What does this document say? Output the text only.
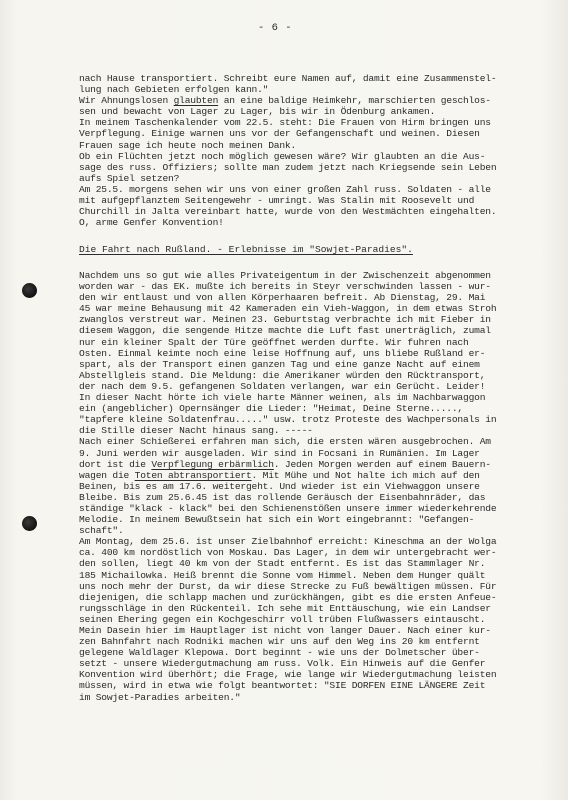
- 6 -
nach Hause transportiert. Schreibt eure Namen auf, damit eine Zusammenstel-
lung nach Gebieten erfolgen kann."
Wir Ahnungslosen glaubten an eine baldige Heimkehr, marschierten geschlos-
sen und bewacht von Lager zu Lager, bis wir in Ödenburg ankamen.
In meinem Taschenkalender vom 22.5. steht: Die Frauen von Hirm bringen uns
Verpflegung. Einige warnen uns vor der Gefangenschaft und weinen. Diesen
Frauen sage ich heute noch meinen Dank.
Ob ein Flüchten jetzt noch möglich gewesen wäre? Wir glaubten an die Aus-
sage des russ. Offiziers; sollte man zudem jetzt nach Kriegsende sein Leben
aufs Spiel setzen?
Am 25.5. morgens sehen wir uns von einer großen Zahl russ. Soldaten - alle
mit aufgepflanztem Seitengewehr - umringt. Was Stalin mit Roosevelt und
Churchill in Jalta vereinbart hatte, wurde von den Westmächten eingehalten.
O, arme Genfer Konvention!
Die Fahrt nach Rußland. - Erlebnisse im "Sowjet-Paradies".
Nachdem uns so gut wie alles Privateigentum in der Zwischenzeit abgenommen
worden war - das EK. mußte ich bereits in Steyr verschwinden lassen - wur-
den wir entlaust und von allen Körperhaaren befreit. Ab Dienstag, 29. Mai
45 war meine Behausung mit 42 Kameraden ein Vieh-Waggon, in dem etwas Stroh
zwanglos verstreut war. Meinen 23. Geburtstag verbrachte ich mit Fieber in
diesem Waggon, die sengende Hitze machte die Luft fast unerträglich, zumal
nur ein kleiner Spalt der Türe geöffnet werden durfte. Wir fuhren nach
Osten. Einmal keimte noch eine leise Hoffnung auf, uns bliebe Rußland er-
spart, als der Transport einen ganzen Tag und eine ganze Nacht auf einem
Abstellgleis stand. Die Meldung: die Amerikaner würden den Rücktransport,
der nach dem 9.5. gefangenen Soldaten verlangen, war ein Gerücht. Leider!
In dieser Nacht hörte ich viele harte Männer weinen, als im Nachbarwaggon
ein (angeblicher) Opernsänger die Lieder: "Heimat, Deine Sterne.....,
"tapfere kleine Soldatenfrau....." usw. trotz Proteste des Wachpersonals in
die Stille dieser Nacht hinaus sang. -----
Nach einer Schießerei erfahren man sich, die ersten wären ausgebrochen. Am
9. Juni werden wir ausgeladen. Wir sind in Focsani in Rumänien. Im Lager
dort ist die Verpflegung erbärmlich. Jeden Morgen werden auf einem Bauern-
wagen die Toten abtransportiert. Mit Mühe und Not halte ich mich auf den
Beinen, bis es am 17.6. weitergeht. Und wieder ist ein Viehwaggon unsere
Bleibe. Bis zum 25.6.45 ist das rollende Geräusch der Eisenbahnräder, das
ständige "klack - klack" bei den Schienenstößen unsere immer wiederkehrende
Melodie. In meinem Bewußtsein hat sich ein Wort eingebrannt: "Gefangen-
schaft".
Am Montag, dem 25.6. ist unser Zielbahnhof erreicht: Kineschma an der Wolga
ca. 400 km nordöstlich von Moskau. Das Lager, in dem wir untergebracht wer-
den sollen, liegt 40 km von der Stadt entfernt. Es ist das Stammlager Nr.
185 Michailowka. Heiß brennt die Sonne vom Himmel. Neben dem Hunger quält
uns noch mehr der Durst, da wir diese Strecke zu Fuß bewältigen müssen. Für
diejenigen, die schlapp machen und zurückhängen, gibt es die ersten Anfeue-
rungsschläge in den Rückenteil. Ich sehe mit Enttäuschung, wie ein Landser
seinen Ehering gegen ein Kochgeschirr voll trüben Flußwassers eintauscht.
Mein Dasein hier im Hauptlager ist nicht von langer Dauer. Nach einer kur-
zen Bahnfahrt nach Rodniki machen wir uns auf den Weg ins 20 km entfernt
gelegene Waldlager Klepowa. Dort beginnt - wie uns der Dolmetscher über-
setzt - unsere Wiedergutmachung am russ. Volk. Ein Hinweis auf die Genfer
Konvention wird überhört; die Frage, wie lange wir Wiedergutmachung leisten
müssen, wird in etwa wie folgt beantwortet: "SIE DORFEN EINE LÄNGERE Zeit
im Sowjet-Paradies arbeiten."
